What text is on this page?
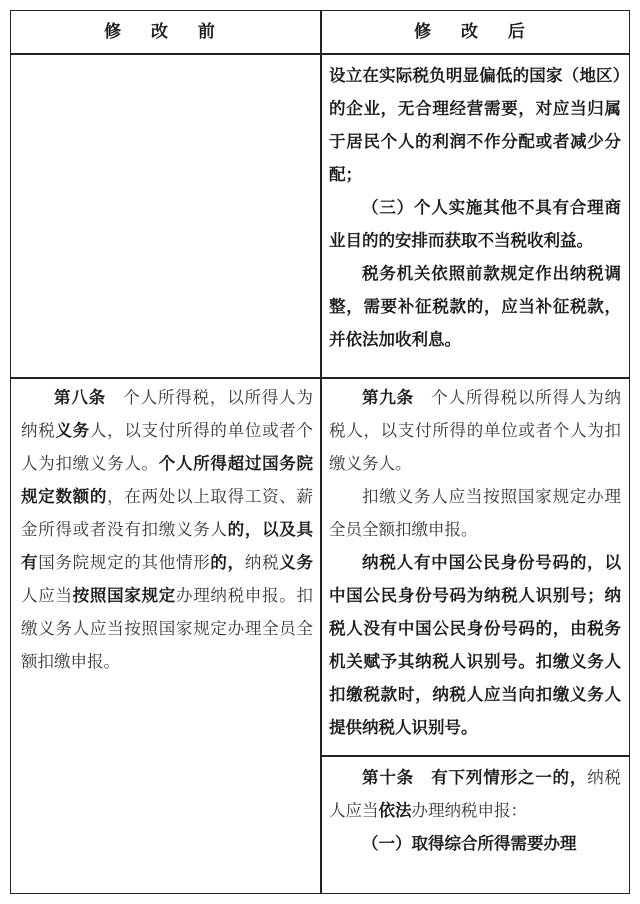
修 改 前	修 改 后

设立在实际税负明显偏低的国家（地区）的企业，无合理经营需要，对应当归属于居民个人的利润不作分配或者减少分配；

（三）个人实施其他不具有合理商业目的的安排而获取不当税收利益。

税务机关依照前款规定作出纳税调整，需要补征税款的，应当补征税款，并依法加收利息。

第八条　个人所得税，以所得人为纳税义务人，以支付所得的单位或者个人为扣缴义务人。个人所得超过国务院规定数额的，在两处以上取得工资、薪金所得或者没有扣缴义务人的，以及具有国务院规定的其他情形的，纳税义务人应当按照国家规定办理纳税申报。扣缴义务人应当按照国家规定办理全员全额扣缴申报。

第九条　个人所得税以所得人为纳税人，以支付所得的单位或者个人为扣缴义务人。

扣缴义务人应当按照国家规定办理全员全额扣缴申报。

纳税人有中国公民身份号码的，以中国公民身份号码为纳税人识别号；纳税人没有中国公民身份号码的，由税务机关赋予其纳税人识别号。扣缴义务人扣缴税款时，纳税人应当向扣缴义务人提供纳税人识别号。

第十条　有下列情形之一的，纳税人应当依法办理纳税申报：

（一）取得综合所得需要办理
